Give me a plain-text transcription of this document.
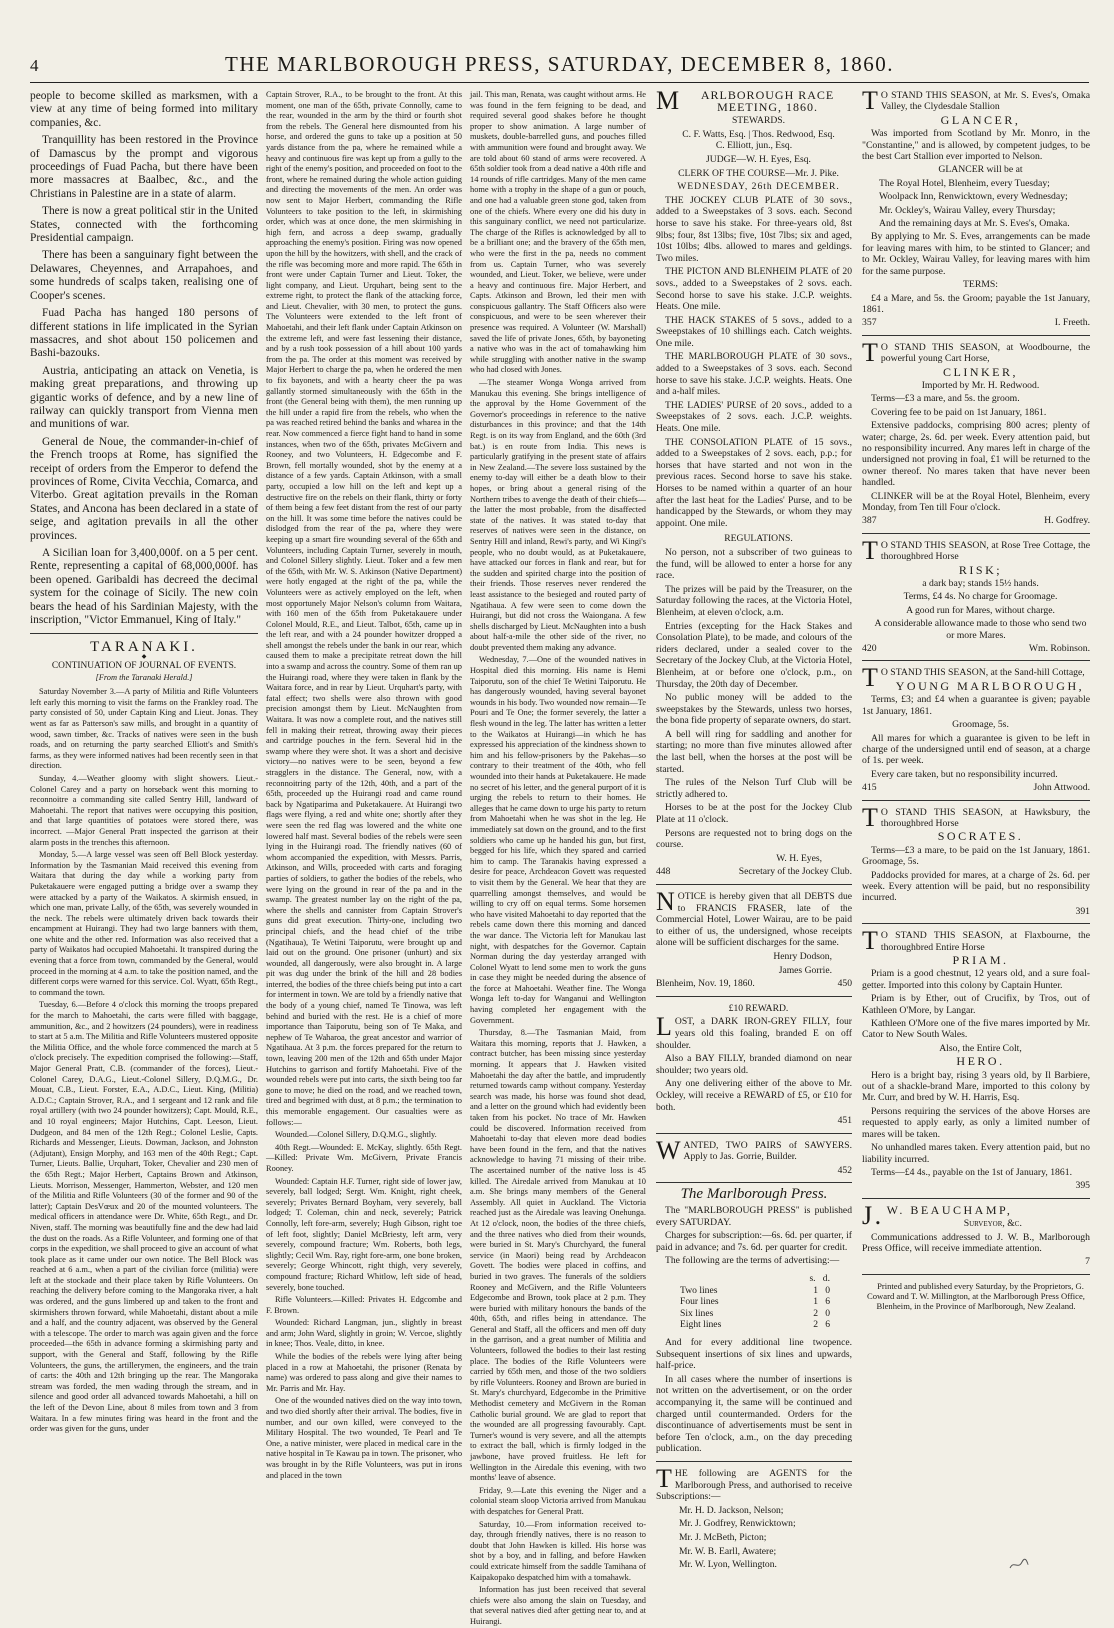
4	THE MARLBOROUGH PRESS, SATURDAY, DECEMBER 8, 1860.

people to become skilled as marksmen, with a view at any time of being formed into military companies, &c.

Tranquillity has been restored in the Province of Damascus by the prompt and vigorous proceedings of Fuad Pacha, but there have been more massacres at Baalbec, &c., and the Christians in Palestine are in a state of alarm.

There is now a great political stir in the United States, connected with the forthcoming Presidential campaign.

There has been a sanguinary fight between the Delawares, Cheyennes, and Arrapahoes, and some hundreds of scalps taken, realising one of Cooper's scenes.

Fuad Pacha has hanged 180 persons of different stations in life implicated in the Syrian massacres, and shot about 150 policemen and Bashi-bazouks.

Austria, anticipating an attack on Venetia, is making great preparations, and throwing up gigantic works of defence, and by a new line of railway can quickly transport from Vienna men and munitions of war.

General de Noue, the commander-in-chief of the French troops at Rome, has signified the receipt of orders from the Emperor to defend the provinces of Rome, Civita Vecchia, Comarca, and Viterbo. Great agitation prevails in the Roman States, and Ancona has been declared in a state of seige, and agitation prevails in all the other provinces.

A Sicilian loan for 3,400,000f. on a 5 per cent. Rente, representing a capital of 68,000,000f. has been opened. Garibaldi has decreed the decimal system for the coinage of Sicily. The new coin bears the head of his Sardinian Majesty, with the inscription, "Victor Emmanuel, King of Italy."

TARANAKI.
◆
CONTINUATION OF JOURNAL OF EVENTS.
[From the Taranaki Herald.]

Saturday November 3.—A party of Militia and Rifle Volunteers left early this morning to visit the farms on the Frankley road. The party consisted of 50, under Captain King and Lieut. Jonas. They went as far as Patterson's saw mills, and brought in a quantity of wood, sawn timber, &c. Tracks of natives were seen in the bush roads, and on returning the party searched Elliott's and Smith's farms, as they were informed natives had been recently seen in that direction.

Sunday, 4.—Weather gloomy with slight showers. Lieut.-Colonel Carey and a party on horseback went this morning to reconnoitre a commanding site called Sentry Hill, landward of Mahoetahi. The report that natives were occupying this position, and that large quantities of potatoes were stored there, was incorrect. —Major General Pratt inspected the garrison at their alarm posts in the trenches this afternoon.

Monday, 5.—A large vessel was seen off Bell Block yesterday. Information by the Tasmanian Maid received this evening from Waitara that during the day while a working party from Puketakauere were engaged putting a bridge over a swamp they were attacked by a party of the Waikatos. A skirmish ensued, in which one man, private Lally, of the 65th, was severely wounded in the neck. The rebels were ultimately driven back towards their encampment at Huirangi. They had two large banners with them, one white and the other red. Information was also received that a party of Waikatos had occupied Mahoetahi. It transpired during the evening that a force from town, commanded by the General, would proceed in the morning at 4 a.m. to take the position named, and the different corps were warned for this service. Col. Wyatt, 65th Regt., to command the town.

Tuesday, 6.—Before 4 o'clock this morning the troops prepared for the march to Mahoetahi, the carts were filled with baggage, ammunition, &c., and 2 howitzers (24 pounders), were in readiness to start at 5 a.m. The Militia and Rifle Volunteers mustered opposite the Militia Office, and the whole force commenced the march at 5 o'clock precisely. The expedition comprised the following:—Staff, Major General Pratt, C.B. (commander of the forces), Lieut.-Colonel Carey, D.A.G., Lieut.-Colonel Sillery, D.Q.M.G., Dr. Mouat, C.B., Lieut. Forster, E.A., A.D.C., Lieut. King, (Militia) A.D.C.; Captain Strover, R.A., and 1 sergeant and 12 rank and file royal artillery (with two 24 pounder howitzers); Capt. Mould, R.E., and 10 royal engineers; Major Hutchins, Capt. Leeson, Lieut. Dudgeon, and 84 men of the 12th Regt.; Colonel Leslie, Capts. Richards and Messenger, Lieuts. Dowman, Jackson, and Johnston (Adjutant), Ensign Morphy, and 163 men of the 40th Regt.; Capt. Turner, Lieuts. Ballie, Urquhart, Toker, Chevalier and 230 men of the 65th Regt.; Major Herbert, Captains Brown and Atkinson, Lieuts. Morrison, Messenger, Hammerton, Webster, and 120 men of the Militia and Rifle Volunteers (30 of the former and 90 of the latter); Captain DesVœux and 20 of the mounted volunteers. The medical officers in attendance were Dr. White, 65th Regt., and Dr. Niven, staff. The morning was beautifully fine and the dew had laid the dust on the roads. As a Rifle Volunteer, and forming one of that corps in the expedition, we shall proceed to give an account of what took place as it came under our own notice. The Bell Block was reached at 6 a.m., when a part of the civilian force (militia) were left at the stockade and their place taken by Rifle Volunteers. On reaching the delivery before coming to the Mangoraka river, a halt was ordered, and the guns limbered up and taken to the front and skirmishers thrown forward, while Mahoetahi, distant about a mile and a half, and the country adjacent, was observed by the General with a telescope. The order to march was again given and the force proceeded—the 65th in advance forming a skirmishing party and support, with the General and Staff, following by the Rifle Volunteers, the guns, the artillerymen, the engineers, and the train of carts: the 40th and 12th bringing up the rear. The Mangoraka stream was forded, the men wading through the stream, and in silence and good order all advanced towards Mahoetahi, a hill on the left of the Devon Line, about 8 miles from town and 3 from Waitara. In a few minutes firing was heard in the front and the order was given for the guns, under

Captain Strover, R.A., to be brought to the front. At this moment, one man of the 65th, private Connolly, came to the rear, wounded in the arm by the third or fourth shot from the rebels. The General here dismounted from his horse, and ordered the guns to take up a position at 50 yards distance from the pa, where he remained while a heavy and continuous fire was kept up from a gully to the right of the enemy's position, and proceeded on foot to the front, where he remained during the whole action guiding and directing the movements of the men. An order was now sent to Major Herbert, commanding the Rifle Volunteers to take position to the left, in skirmishing order, which was at once done, the men skirmishing in high fern, and across a deep swamp, gradually approaching the enemy's position. Firing was now opened upon the hill by the howitzers, with shell, and the crack of the rifle was becoming more and more rapid. The 65th in front were under Captain Turner and Lieut. Toker, the light company, and Lieut. Urquhart, being sent to the extreme right, to protect the flank of the attacking force, and Lieut. Chevalier, with 30 men, to protect the guns. The Volunteers were extended to the left front of Mahoetahi, and their left flank under Captain Atkinson on the extreme left, and were fast lessening their distance, and by a rush took possession of a hill about 100 yards from the pa. The order at this moment was received by Major Herbert to charge the pa, when he ordered the men to fix bayonets, and with a hearty cheer the pa was gallantly stormed simultaneously with the 65th in the front (the General being with them), the men running up the hill under a rapid fire from the rebels, who when the pa was reached retired behind the banks and wharea in the rear. Now commenced a fierce fight hand to hand in some instances, when two of the 65th, privates McGivern and Rooney, and two Volunteers, H. Edgecombe and F. Brown, fell mortally wounded, shot by the enemy at a distance of a few yards. Captain Atkinson, with a small party, occupied a low hill on the left and kept up a destructive fire on the rebels on their flank, thirty or forty of them being a few feet distant from the rest of our party on the hill. It was some time before the natives could be dislodged from the rear of the pa, where they were keeping up a smart fire wounding several of the 65th and Volunteers, including Captain Turner, severely in mouth, and Colonel Sillery slightly. Lieut. Toker and a few men of the 65th, with Mr. W. S. Atkinson (Native Department) were hotly engaged at the right of the pa, while the Volunteers were as actively employed on the left, when most opportunely Major Nelson's column from Waitara, with 160 men of the 65th from Puketakauere under Colonel Mould, R.E., and Lieut. Talbot, 65th, came up in the left rear, and with a 24 pounder howitzer dropped a shell amongst the rebels under the bank in our rear, which caused them to make a precipitate retreat down the hill into a swamp and across the country. Some of them ran up the Huirangi road, where they were taken in flank by the Waitara force, and in rear by Lieut. Urquhart's party, with fatal effect; two shells were also thrown with good precision amongst them by Lieut. McNaughten from Waitara. It was now a complete rout, and the natives still fell in making their retreat, throwing away their pieces and cartridge pouches in the fern. Several hid in the swamp where they were shot. It was a short and decisive victory—no natives were to be seen, beyond a few stragglers in the distance. The General, now, with a reconnoitring party of the 12th, 40th, and a part of the 65th, proceeded up the Huirangi road and came round back by Ngatiparima and Puketakauere. At Huirangi two flags were flying, a red and white one; shortly after they were seen the red flag was lowered and the white one lowered half mast. Several bodies of the rebels were seen lying in the Huirangi road. The friendly natives (60 of whom accompanied the expedition, with Messrs. Parris, Atkinson, and Wills, proceeded with carts and foraging parties of soldiers, to gather the bodies of the rebels, who were lying on the ground in rear of the pa and in the swamp. The greatest number lay on the right of the pa, where the shells and cannister from Captain Strover's guns did great execution. Thirty-one, including two principal chiefs, and the head chief of the tribe (Ngatihaua), Te Wetini Taiporutu, were brought up and laid out on the ground. One prisoner (unhurt) and six wounded, all dangerously, were also brought in. A large pit was dug under the brink of the hill and 28 bodies interred, the bodies of the three chiefs being put into a cart for interment in town. We are told by a friendly native that the body of a young chief, named Te Tinowa, was left behind and buried with the rest. He is a chief of more importance than Taiporutu, being son of Te Maka, and nephew of Te Waharoa, the great ancestor and warrior of Ngatihaua. At 3 p.m. the forces prepared for the return to town, leaving 200 men of the 12th and 65th under Major Hutchins to garrison and fortify Mahoetahi. Five of the wounded rebels were put into carts, the sixth being too far gone to move; he died on the road, and we reached town, tired and begrimed with dust, at 8 p.m.; the termination to this memorable engagement. Our casualties were as follows:—

Wounded.—Colonel Sillery, D.Q.M.G., slightly.

40th Regt.—Wounded: E. McKay, slightly. 65th Regt.—Killed: Private Wm. McGivern, Private Francis Rooney.

Wounded: Captain H.F. Turner, right side of lower jaw, severely, ball lodged; Sergt. Wm. Knight, right cheek, severely; Privates Bernard Boyham, very severely, ball lodged; T. Coleman, chin and neck, severely; Patrick Connolly, left fore-arm, severely; Hugh Gibson, right toe of left foot, slightly; Daniel McBriesty, left arm, very severely, compound fracture; Wm. Roberts, both legs, slightly; Cecil Wm. Ray, right fore-arm, one bone broken, severely; George Whincott, right thigh, very severely, compound fracture; Richard Whitlow, left side of head, severely, bone touched.

Rifle Volunteers.—Killed: Privates H. Edgcombe and F. Brown.

Wounded: Richard Langman, jun., slightly in breast and arm; John Ward, slightly in groin; W. Vercoe, slightly in knee; Thos. Veale, ditto, in knee.

While the bodies of the rebels were lying after being placed in a row at Mahoetahi, the prisoner (Renata by name) was ordered to pass along and give their names to Mr. Parris and Mr. Hay.

One of the wounded natives died on the way into town, and two died shortly after their arrival. The bodies, five in number, and our own killed, were conveyed to the Military Hospital. The two wounded, Te Pearl and Te One, a native minister, were placed in medical care in the native hospital in Te Kawau pa in town. The prisoner, who was brought in by the Rifle Volunteers, was put in irons and placed in the town

jail. This man, Renata, was caught without arms. He was found in the fern feigning to be dead, and required several good shakes before he thought proper to show animation. A large number of muskets, double-barrelled guns, and pouches filled with ammunition were found and brought away. We are told about 60 stand of arms were recovered. A 65th soldier took from a dead native a 40th rifle and 14 rounds of rifle cartridges. Many of the men came home with a trophy in the shape of a gun or pouch, and one had a valuable green stone god, taken from one of the chiefs. Where every one did his duty in this sanguinary conflict, we need not particularize. The charge of the Rifles is acknowledged by all to be a brilliant one; and the bravery of the 65th men, who were the first in the pa, needs no comment from us. Captain Turner, who was severely wounded, and Lieut. Toker, we believe, were under a heavy and continuous fire. Major Herbert, and Capts. Atkinson and Brown, led their men with conspicuous gallantry. The Staff Officers also were conspicuous, and were to be seen wherever their presence was required. A Volunteer (W. Marshall) saved the life of private Jones, 65th, by bayoneting a native who was in the act of tomahawking him while struggling with another native in the swamp who had closed with Jones.

—The steamer Wonga Wonga arrived from Manukau this evening. She brings intelligence of the approval by the Home Government of the Governor's proceedings in reference to the native disturbances in this province; and that the 14th Regt. is on its way from England, and the 60th (3rd bat.) is en route from India. This news is particularly gratifying in the present state of affairs in New Zealand.—The severe loss sustained by the enemy to-day will either be a death blow to their hopes, or bring about a general rising of the Northern tribes to avenge the death of their chiefs—the latter the most probable, from the disaffected state of the natives. It was stated to-day that reserves of natives were seen in the distance, on Sentry Hill and inland, Rewi's party, and Wi Kingi's people, who no doubt would, as at Puketakauere, have attacked our forces in flank and rear, but for the sudden and spirited charge into the position of their friends. Those reserves never rendered the least assistance to the besieged and routed party of Ngatihaua. A few were seen to come down the Huirangi, but did not cross the Waiongana. A few shells discharged by Lieut. McNaughten into a bush about half-a-mile the other side of the river, no doubt prevented them making any advance.

Wednesday, 7.—One of the wounded natives in Hospital died this morning. His name is Hemi Taiporutu, son of the chief Te Wetini Taiporutu. He has dangerously wounded, having several bayonet wounds in his body. Two wounded now remain—Te Pouri and Te One; the former severely, the latter a flesh wound in the leg. The latter has written a letter to the Waikatos at Huirangi—in which he has expressed his appreciation of the kindness shown to him and his fellow-prisoners by the Pakehas—so contrary to their treatment of the 40th, who fell wounded into their hands at Puketakauere. He made no secret of his letter, and the general purport of it is urging the rebels to return to their homes. He alleges that he came down to urge his party to return from Mahoetahi when he was shot in the leg. He immediately sat down on the ground, and to the first soldiers who came up he handed his gun, but first, begged for his life, which they spared and carried him to camp. The Taranakis having expressed a desire for peace, Archdeacon Govett was requested to visit them by the General. We hear that they are quarrelling amongst themselves, and would be willing to cry off on equal terms. Some horsemen who have visited Mahoetahi to day reported that the rebels came down there this morning and danced the war dance. The Victoria left for Manukau last night, with despatches for the Governor. Captain Norman during the day yesterday arranged with Colonel Wyatt to lend some men to work the guns in case they might be needed during the absence of the force at Mahoetahi. Weather fine. The Wonga Wonga left to-day for Wanganui and Wellington having completed her engagement with the Government.

Thursday, 8.—The Tasmanian Maid, from Waitara this morning, reports that J. Hawken, a contract butcher, has been missing since yesterday morning. It appears that J. Hawken visited Mahoetahi the day after the battle, and imprudently returned towards camp without company. Yesterday search was made, his horse was found shot dead, and a letter on the ground which had evidently been taken from his pocket. No trace of Mr. Hawken could be discovered. Information received from Mahoetahi to-day that eleven more dead bodies have been found in the fern, and that the natives acknowledge to having 71 missing of their tribe. The ascertained number of the native loss is 45 killed. The Airedale arrived from Manukau at 10 a.m. She brings many members of the General Assembly. All quiet in Auckland. The Victoria reached just as the Airedale was leaving Onehunga. At 12 o'clock, noon, the bodies of the three chiefs, and the three natives who died from their wounds, were buried in St. Mary's Churchyard, the funeral service (in Maori) being read by Archdeacon Govett. The bodies were placed in coffins, and buried in two graves. The funerals of the soldiers Rooney and McGivern, and the Rifle Volunteers Edgecombe and Brown, took place at 2 p.m. They were buried with military honours the bands of the 40th, 65th, and rifles being in attendance. The General and Staff, all the officers and men off duty in the garrison, and a great number of Militia and Volunteers, followed the bodies to their last resting place. The bodies of the Rifle Volunteers were carried by 65th men, and those of the two soldiers by rifle Volunteers. Rooney and Brown are buried in St. Mary's churchyard, Edgecombe in the Primitive Methodist cemetery and McGivern in the Roman Catholic burial ground. We are glad to report that the wounded are all progressing favourably. Capt. Turner's wound is very severe, and all the attempts to extract the ball, which is firmly lodged in the jawbone, have proved fruitless. He left for Wellington in the Airedale this evening, with two months' leave of absence.

Friday, 9.—Late this evening the Niger and a colonial steam sloop Victoria arrived from Manukau with despatches for General Pratt.

Saturday, 10.—From information received to-day, through friendly natives, there is no reason to doubt that John Hawken is killed. His horse was shot by a boy, and in falling, and before Hawken could extricate himself from the saddle Tamihana of Kaipakopako despatched him with a tomahawk.

Information has just been received that several chiefs were also among the slain on Tuesday, and that several natives died after getting near to, and at Huirangi.

MARLBOROUGH RACE MEETING, 1860.

STEWARDS.

C. F. Watts, Esq. | Thos. Redwood, Esq.
C. Elliott, jun., Esq.

JUDGE—W. H. Eyes, Esq.

CLERK OF THE COURSE—Mr. J. Pike.

WEDNESDAY, 26th DECEMBER.

THE JOCKEY CLUB PLATE of 30 sovs., added to a Sweepstakes of 3 sovs. each. Second horse to save his stake. For three-years old, 8st 9lbs; four, 8st 13lbs; five, 10st 7lbs; six and aged, 10st 10lbs; 4lbs. allowed to mares and geldings. Two miles.

THE PICTON AND BLENHEIM PLATE of 20 sovs., added to a Sweepstakes of 2 sovs. each. Second horse to save his stake. J.C.P. weights. Heats. One mile.

THE HACK STAKES of 5 sovs., added to a Sweepstakes of 10 shillings each. Catch weights. One mile.

THE MARLBOROUGH PLATE of 30 sovs., added to a Sweepstakes of 3 sovs. each. Second horse to save his stake. J.C.P. weights. Heats. One and a-half miles.

THE LADIES' PURSE of 20 sovs., added to a Sweepstakes of 2 sovs. each. J.C.P. weights. Heats. One mile.

THE CONSOLATION PLATE of 15 sovs., added to a Sweepstakes of 2 sovs. each, p.p.; for horses that have started and not won in the previous races. Second horse to save his stake. Horses to be named within a quarter of an hour after the last heat for the Ladies' Purse, and to be handicapped by the Stewards, or whom they may appoint. One mile.

REGULATIONS.

No person, not a subscriber of two guineas to the fund, will be allowed to enter a horse for any race.

The prizes will be paid by the Treasurer, on the Saturday following the races, at the Victoria Hotel, Blenheim, at eleven o'clock, a.m.

Entries (excepting for the Hack Stakes and Consolation Plate), to be made, and colours of the riders declared, under a sealed cover to the Secretary of the Jockey Club, at the Victoria Hotel, Blenheim, at or before one o'clock, p.m., on Thursday, the 20th day of December.

No public money will be added to the sweepstakes by the Stewards, unless two horses, the bona fide property of separate owners, do start.

A bell will ring for saddling and another for starting; no more than five minutes allowed after the last bell, when the horses at the post will be started.

The rules of the Nelson Turf Club will be strictly adhered to.

Horses to be at the post for the Jockey Club Plate at 11 o'clock.

Persons are requested not to bring dogs on the course.

W. H. Eyes,

448	Secretary of the Jockey Club.

NOTICE is hereby given that all DEBTS due to FRANCIS FRASER, late of the Commercial Hotel, Lower Wairau, are to be paid to either of us, the undersigned, whose receipts alone will be sufficient discharges for the same.

Henry Dodson,

James Gorrie.

Blenheim, Nov. 19, 1860.	450

£10 REWARD.

LOST, a DARK IRON-GREY FILLY, four years old this foaling, branded E on off shoulder.

Also a BAY FILLY, branded diamond on near shoulder; two years old.

Any one delivering either of the above to Mr. Ockley, will receive a REWARD of £5, or £10 for both.

451

WANTED, TWO PAIRS of SAWYERS. Apply to Jas. Gorrie, Builder.

452

The Marlborough Press.

The "MARLBOROUGH PRESS" is published every SATURDAY.

Charges for subscription:—6s. 6d. per quarter, if paid in advance; and 7s. 6d. per quarter for credit.

The following are the terms of advertising:—

s. d.
Two lines	1 0
Four lines	1 6
Six lines	2 0
Eight lines	2 6

And for every additional line twopence. Subsequent insertions of six lines and upwards, half-price.

In all cases where the number of insertions is not written on the advertisement, or on the order accompanying it, the same will be continued and charged until countermanded. Orders for the discontinuance of advertisements must be sent in before Ten o'clock, a.m., on the day preceding publication.

THE following are AGENTS for the Marlborough Press, and authorised to receive Subscriptions:—

Mr. H. D. Jackson, Nelson;

Mr. J. Godfrey, Renwicktown;

Mr. J. McBeth, Picton;

Mr. W. B. Earll, Awatere;

Mr. W. Lyon, Wellington.

TO STAND THIS SEASON, at Mr. S. Eves's, Omaka Valley, the Clydesdale Stallion

GLANCER,

Was imported from Scotland by Mr. Monro, in the "Constantine," and is allowed, by competent judges, to be the best Cart Stallion ever imported to Nelson.

GLANCER will be at

The Royal Hotel, Blenheim, every Tuesday;

Woolpack Inn, Renwicktown, every Wednesday;

Mr. Ockley's, Wairau Valley, every Thursday;

And the remaining days at Mr. S. Eves's, Omaka.

By applying to Mr. S. Eves, arrangements can be made for leaving mares with him, to be stinted to Glancer; and to Mr. Ockley, Wairau Valley, for leaving mares with him for the same purpose.

TERMS:

£4 a Mare, and 5s. the Groom; payable the 1st January, 1861.

357	I. Freeth.

TO STAND THIS SEASON, at Woodbourne, the powerful young Cart Horse,

CLINKER,

Imported by Mr. H. Redwood.

Terms—£3 a mare, and 5s. the groom.

Covering fee to be paid on 1st January, 1861.

Extensive paddocks, comprising 800 acres; plenty of water; charge, 2s. 6d. per week. Every attention paid, but no responsibility incurred. Any mares left in charge of the undersigned not proving in foal, £1 will be returned to the owner thereof. No mares taken that have never been handled.

CLINKER will be at the Royal Hotel, Blenheim, every Monday, from Ten till Four o'clock.

387	H. Godfrey.

TO STAND THIS SEASON, at Rose Tree Cottage, the thoroughbred Horse

RISK;

a dark bay; stands 15½ hands.

Terms, £4 4s. No charge for Groomage.

A good run for Mares, without charge.

A considerable allowance made to those who send two or more Mares.

420	Wm. Robinson.

TO STAND THIS SEASON, at the Sand-hill Cottage,

YOUNG MARLBOROUGH,

Terms, £3; and £4 when a guarantee is given; payable 1st January, 1861.

Groomage, 5s.

All mares for which a guarantee is given to be left in charge of the undersigned until end of season, at a charge of 1s. per week.

Every care taken, but no responsibility incurred.

415	John Attwood.

TO STAND THIS SEASON, at Hawksbury, the thoroughbred Horse

SOCRATES.

Terms—£3 a mare, to be paid on the 1st January, 1861. Groomage, 5s.

Paddocks provided for mares, at a charge of 2s. 6d. per week. Every attention will be paid, but no responsibility incurred.

391

TO STAND THIS SEASON, at Flaxbourne, the thoroughbred Entire Horse

PRIAM.

Priam is a good chestnut, 12 years old, and a sure foal-getter. Imported into this colony by Captain Hunter.

Priam is by Ether, out of Crucifix, by Tros, out of Kathleen O'More, by Langar.

Kathleen O'More one of the five mares imported by Mr. Cator to New South Wales.

Also, the Entire Colt,

HERO.

Hero is a bright bay, rising 3 years old, by Il Barbiere, out of a shackle-brand Mare, imported to this colony by Mr. Curr, and bred by W. H. Harris, Esq.

Persons requiring the services of the above Horses are requested to apply early, as only a limited number of mares will be taken.

No unhandled mares taken. Every attention paid, but no liability incurred.

Terms—£4 4s., payable on the 1st of January, 1861.

395

J.W. BEAUCHAMP,

Surveyor, &c.

Communications addressed to J. W. B., Marlborough Press Office, will receive immediate attention.

7

Printed and published every Saturday, by the Proprietors, G. Coward and T. W. Millington, at the Marlborough Press Office, Blenheim, in the Province of Marlborough, New Zealand.
